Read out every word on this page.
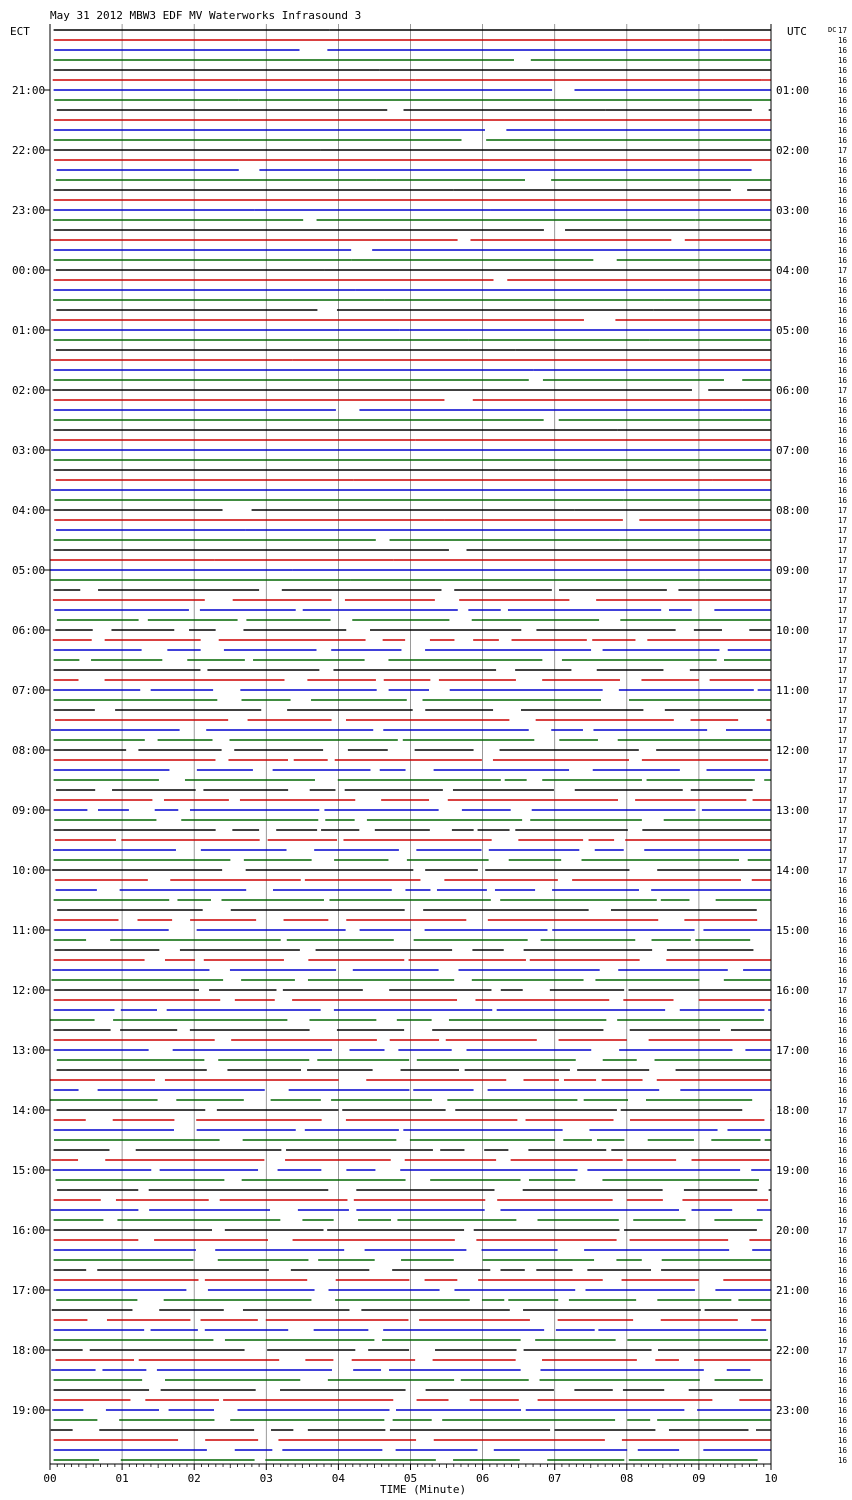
May 31 2012 MBW3 EDF MV Waterworks Infrasound 3
ECT	UTC	DC
TIME (Minute)
17
16
16
16
16
16
16
16
16
16
16
16
17
16
16
16
16
16
16
16
16
16
16
16
17
16
16
16
16
16
16
16
16
16
16
16
17
16
16
16
16
16
16
16
16
16
16
16
17
17
17
17
17
17
17
17
17
17
17
17
17
17
17
17
17
17
17
17
17
17
17
17
17
17
17
17
17
17
17
17
17
17
17
17
17
16
16
16
16
16
16
16
16
16
16
16
17
16
16
16
16
16
16
16
16
16
16
16
17
16
16
16
16
16
16
16
16
16
16
16
17
16
16
16
16
16
16
16
16
16
16
16
17
16
16
16
16
16
16
16
16
16
16
16
21:00
22:00
23:00
00:00
01:00
02:00
03:00
04:00
05:00
06:00
07:00
08:00
09:00
10:00
11:00
12:00
13:00
14:00
15:00
16:00
17:00
18:00
19:00
01:00
02:00
03:00
04:00
05:00
06:00
07:00
08:00
09:00
10:00
11:00
12:00
13:00
14:00
15:00
16:00
17:00
18:00
19:00
20:00
21:00
22:00
23:00
00	01	02	03	04	05	06	07	08	09	10
